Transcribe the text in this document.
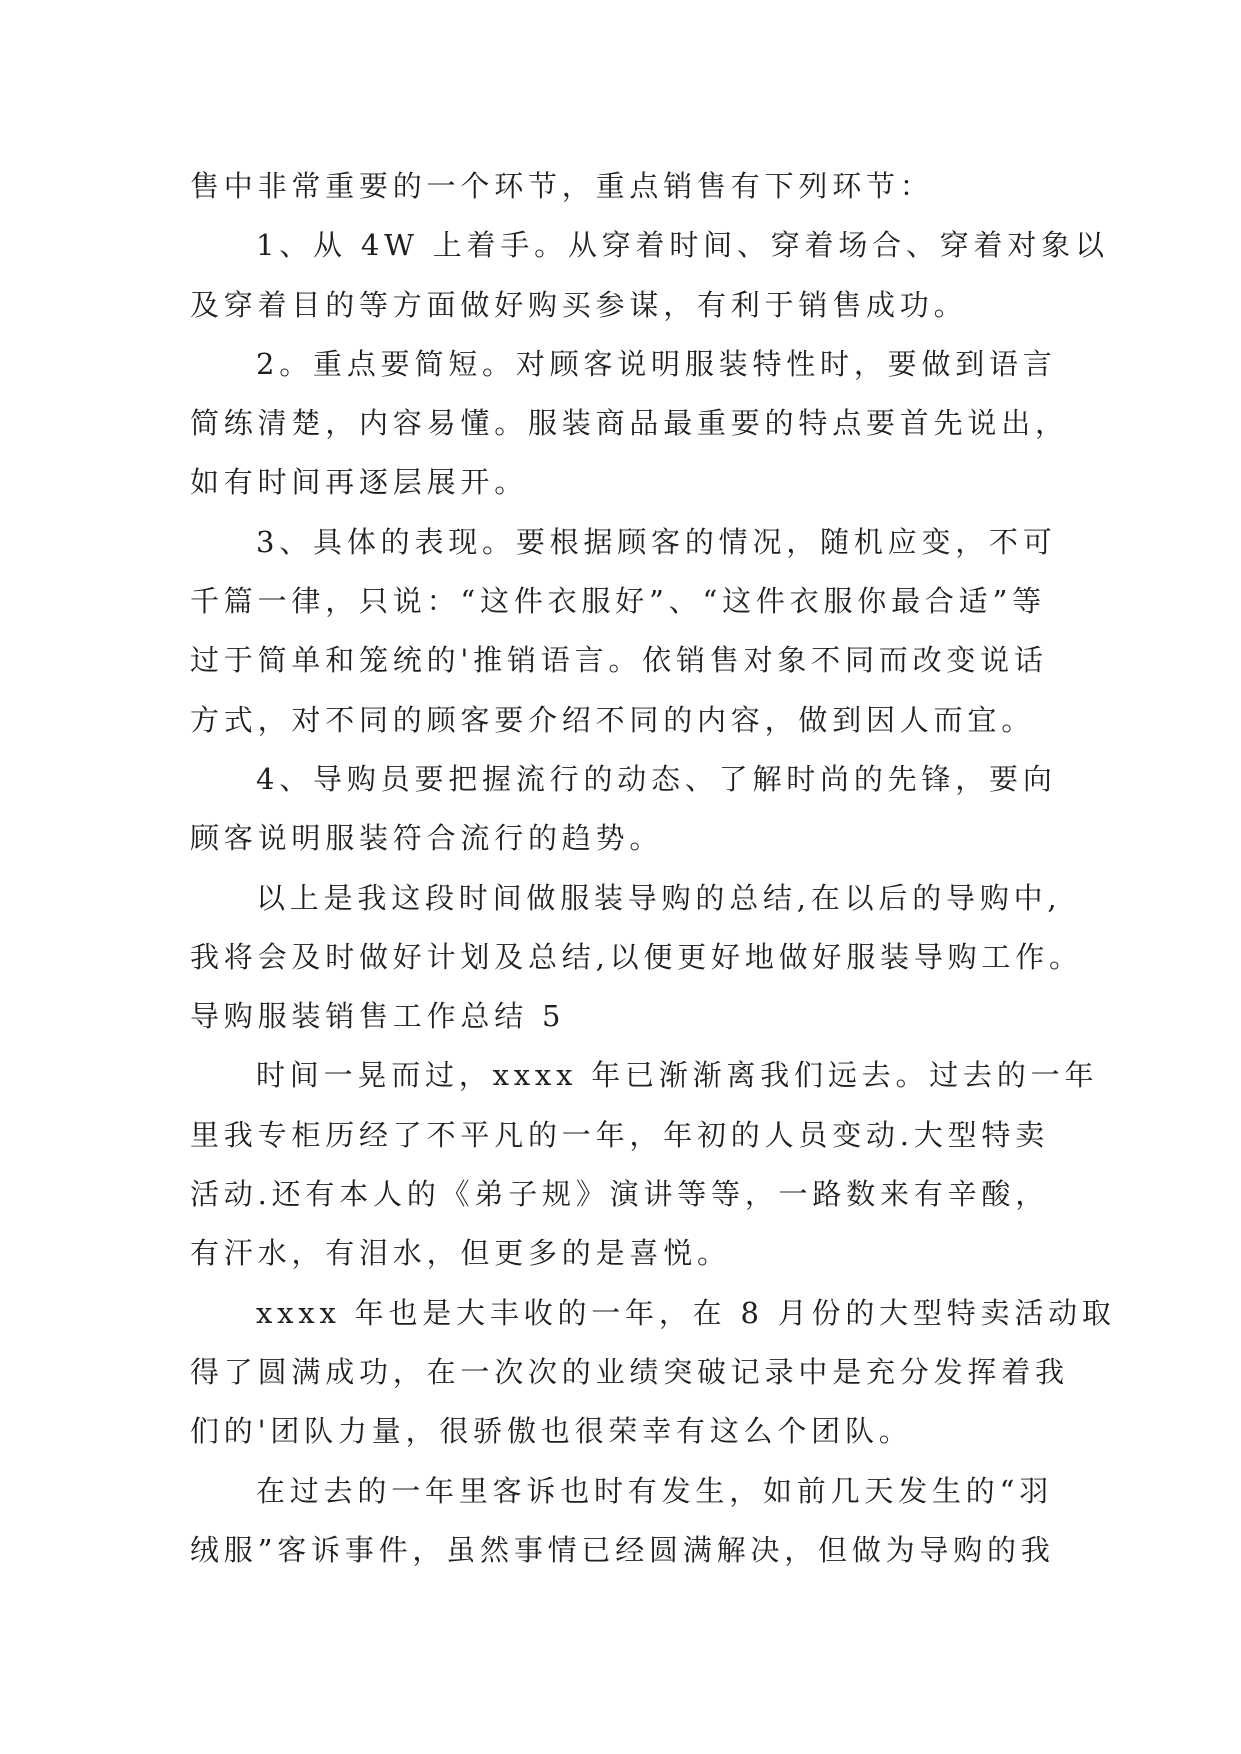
售中非常重要的一个环节，重点销售有下列环节：

1、从 4W 上着手。从穿着时间、穿着场合、穿着对象以

及穿着目的等方面做好购买参谋，有利于销售成功。

2。重点要简短。对顾客说明服装特性时，要做到语言

简练清楚，内容易懂。服装商品最重要的特点要首先说出，

如有时间再逐层展开。

3、具体的表现。要根据顾客的情况，随机应变，不可

千篇一律，只说：“这件衣服好”、“这件衣服你最合适”等

过于简单和笼统的'推销语言。依销售对象不同而改变说话

方式，对不同的顾客要介绍不同的内容，做到因人而宜。

4、导购员要把握流行的动态、了解时尚的先锋，要向

顾客说明服装符合流行的趋势。

以上是我这段时间做服装导购的总结,在以后的导购中,

我将会及时做好计划及总结,以便更好地做好服装导购工作。

导购服装销售工作总结 5

时间一晃而过，xxxx 年已渐渐离我们远去。过去的一年

里我专柜历经了不平凡的一年，年初的人员变动.大型特卖

活动.还有本人的《弟子规》演讲等等，一路数来有辛酸，

有汗水，有泪水，但更多的是喜悦。

xxxx 年也是大丰收的一年，在 8 月份的大型特卖活动取

得了圆满成功，在一次次的业绩突破记录中是充分发挥着我

们的'团队力量，很骄傲也很荣幸有这么个团队。

在过去的一年里客诉也时有发生，如前几天发生的“羽

绒服”客诉事件，虽然事情已经圆满解决，但做为导购的我
